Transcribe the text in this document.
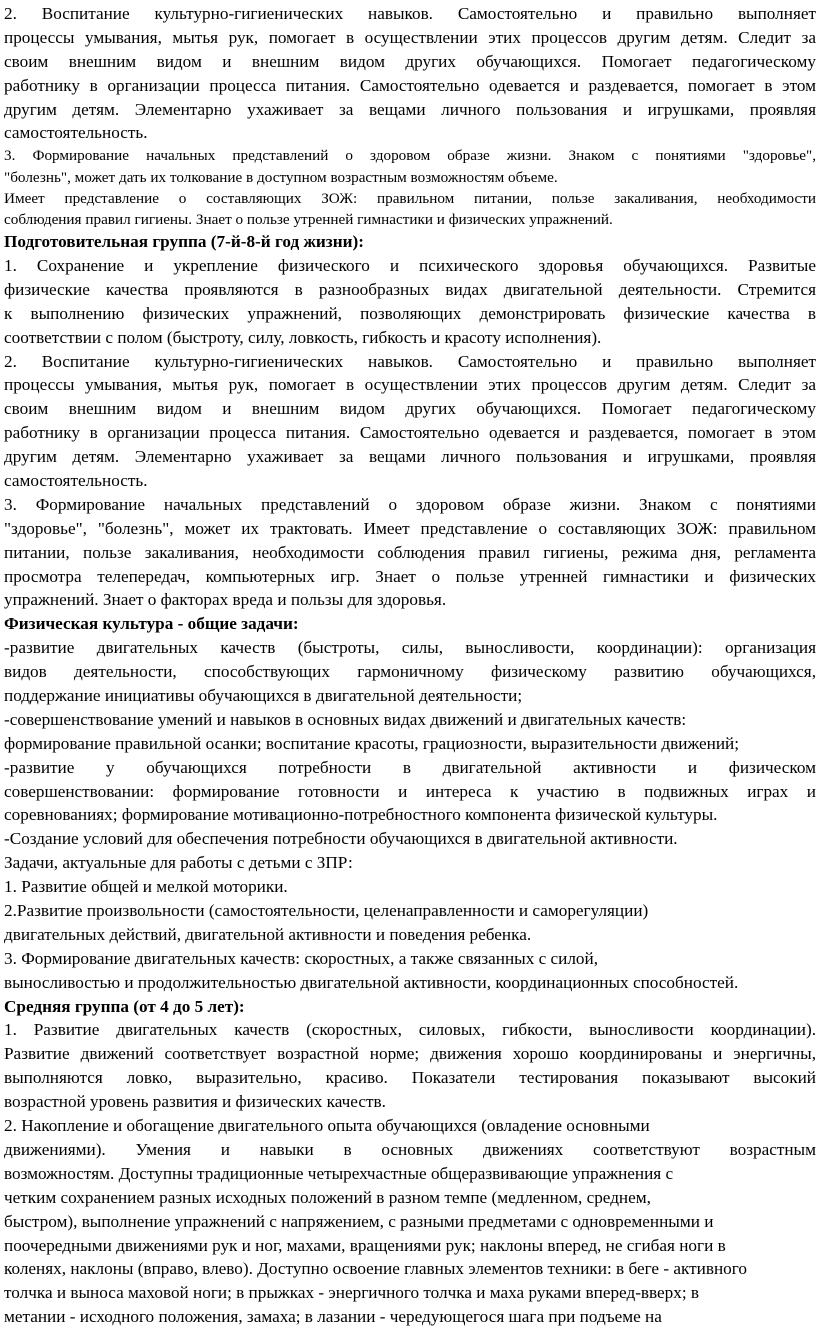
2. Воспитание культурно-гигиенических навыков. Самостоятельно и правильно выполняет
процессы умывания, мытья рук, помогает в осуществлении этих процессов другим детям. Следит за
своим внешним видом и внешним видом других обучающихся. Помогает педагогическому
работнику в организации процесса питания. Самостоятельно одевается и раздевается, помогает в этом
другим детям. Элементарно ухаживает за вещами личного пользования и игрушками, проявляя
самостоятельность.
3. Формирование начальных представлений о здоровом образе жизни. Знаком с понятиями "здоровье",
"болезнь", может дать их толкование в доступном возрастным возможностям объеме.
Имеет представление о составляющих ЗОЖ: правильном питании, пользе закаливания, необходимости
соблюдения правил гигиены. Знает о пользе утренней гимнастики и физических упражнений.
Подготовительная группа (7-й-8-й год жизни):
1. Сохранение и укрепление физического и психического здоровья обучающихся. Развитые
физические качества проявляются в разнообразных видах двигательной деятельности. Стремится
к выполнению физических упражнений, позволяющих демонстрировать физические качества в
соответствии с полом (быстроту, силу, ловкость, гибкость и красоту исполнения).
2. Воспитание культурно-гигиенических навыков. Самостоятельно и правильно выполняет
процессы умывания, мытья рук, помогает в осуществлении этих процессов другим детям. Следит за
своим внешним видом и внешним видом других обучающихся. Помогает педагогическому
работнику в организации процесса питания. Самостоятельно одевается и раздевается, помогает в этом
другим детям. Элементарно ухаживает за вещами личного пользования и игрушками, проявляя
самостоятельность.
3. Формирование начальных представлений о здоровом образе жизни. Знаком с понятиями
"здоровье", "болезнь", может их трактовать. Имеет представление о составляющих ЗОЖ: правильном
питании, пользе закаливания, необходимости соблюдения правил гигиены, режима дня, регламента
просмотра телепередач, компьютерных игр. Знает о пользе утренней гимнастики и физических
упражнений. Знает о факторах вреда и пользы для здоровья.
Физическая культура - общие задачи:
-развитие двигательных качеств (быстроты, силы, выносливости, координации): организация
видов деятельности, способствующих гармоничному физическому развитию обучающихся,
поддержание инициативы обучающихся в двигательной деятельности;
-совершенствование умений и навыков в основных видах движений и двигательных качеств:
формирование правильной осанки; воспитание красоты, грациозности, выразительности движений;
-развитие у обучающихся потребности в двигательной активности и физическом
совершенствовании: формирование готовности и интереса к участию в подвижных играх и
соревнованиях; формирование мотивационно-потребностного компонента физической культуры.
-Создание условий для обеспечения потребности обучающихся в двигательной активности.
Задачи, актуальные для работы с детьми с ЗПР:
1. Развитие общей и мелкой моторики.
2.Развитие произвольности (самостоятельности, целенаправленности и саморегуляции)
двигательных действий, двигательной активности и поведения ребенка.
3. Формирование двигательных качеств: скоростных, а также связанных с силой,
выносливостью и продолжительностью двигательной активности, координационных способностей.
Средняя группа (от 4 до 5 лет):
1. Развитие двигательных качеств (скоростных, силовых, гибкости, выносливости координации).
Развитие движений соответствует возрастной норме; движения хорошо координированы и энергичны,
выполняются ловко, выразительно, красиво. Показатели тестирования показывают высокий
возрастной уровень развития и физических качеств.
2. Накопление и обогащение двигательного опыта обучающихся (овладение основными
движениями). Умения и навыки в основных движениях соответствуют возрастным
возможностям. Доступны традиционные четырехчастные общеразвивающие упражнения с
четким сохранением разных исходных положений в разном темпе (медленном, среднем,
быстром), выполнение упражнений с напряжением, с разными предметами с одновременными и
поочередными движениями рук и ног, махами, вращениями рук; наклоны вперед, не сгибая ноги в
коленях, наклоны (вправо, влево). Доступно освоение главных элементов техники: в беге - активного
толчка и выноса маховой ноги; в прыжках - энергичного толчка и маха руками вперед-вверх; в
метании - исходного положения, замаха; в лазании - чередующегося шага при подъеме на
